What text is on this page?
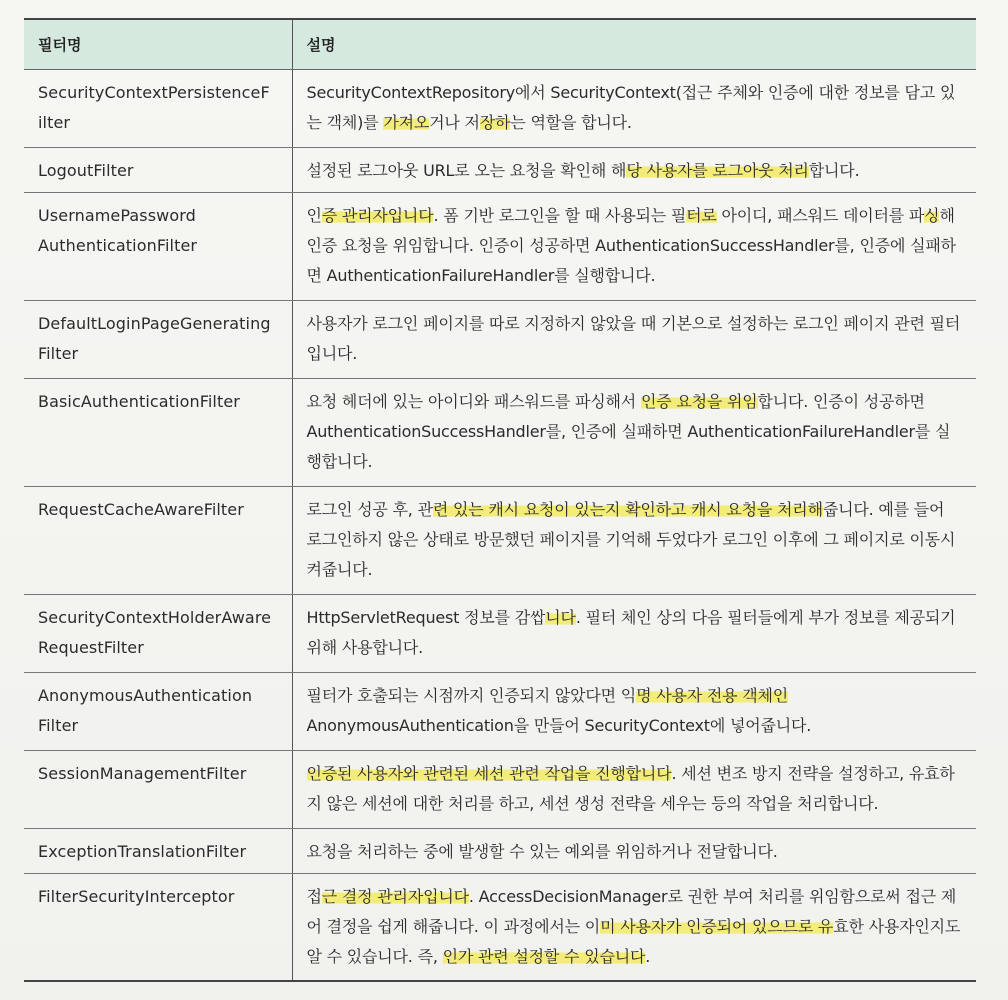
필터명	설명

SecurityContextPersistenceF
ilter	SecurityContextRepository에서 SecurityContext(접근 주체와 인증에 대한 정보를 담고 있는 객체)를 가져오거나 저장하는 역할을 합니다.

LogoutFilter	설정된 로그아웃 URL로 오는 요청을 확인해 해당 사용자를 로그아웃 처리합니다.

UsernamePassword
AuthenticationFilter	인증 관리자입니다. 폼 기반 로그인을 할 때 사용되는 필터로 아이디, 패스워드 데이터를 파싱해 인증 요청을 위임합니다. 인증이 성공하면 AuthenticationSuccessHandler를, 인증에 실패하면 AuthenticationFailureHandler를 실행합니다.

DefaultLoginPageGenerating
Filter	사용자가 로그인 페이지를 따로 지정하지 않았을 때 기본으로 설정하는 로그인 페이지 관련 필터입니다.

BasicAuthenticationFilter	요청 헤더에 있는 아이디와 패스워드를 파싱해서 인증 요청을 위임합니다. 인증이 성공하면 AuthenticationSuccessHandler를, 인증에 실패하면 AuthenticationFailureHandler를 실행합니다.

RequestCacheAwareFilter	로그인 성공 후, 관련 있는 캐시 요청이 있는지 확인하고 캐시 요청을 처리해줍니다. 예를 들어 로그인하지 않은 상태로 방문했던 페이지를 기억해 두었다가 로그인 이후에 그 페이지로 이동시켜줍니다.

SecurityContextHolderAware
RequestFilter	HttpServletRequest 정보를 감쌉니다. 필터 체인 상의 다음 필터들에게 부가 정보를 제공되기 위해 사용합니다.

AnonymousAuthentication
Filter	필터가 호출되는 시점까지 인증되지 않았다면 익명 사용자 전용 객체인 AnonymousAuthentication을 만들어 SecurityContext에 넣어줍니다.

SessionManagementFilter	인증된 사용자와 관련된 세션 관련 작업을 진행합니다. 세션 변조 방지 전략을 설정하고, 유효하지 않은 세션에 대한 처리를 하고, 세션 생성 전략을 세우는 등의 작업을 처리합니다.

ExceptionTranslationFilter	요청을 처리하는 중에 발생할 수 있는 예외를 위임하거나 전달합니다.

FilterSecurityInterceptor	접근 결정 관리자입니다. AccessDecisionManager로 권한 부여 처리를 위임함으로써 접근 제어 결정을 쉽게 해줍니다. 이 과정에서는 이미 사용자가 인증되어 있으므로 유효한 사용자인지도 알 수 있습니다. 즉, 인가 관련 설정할 수 있습니다.
